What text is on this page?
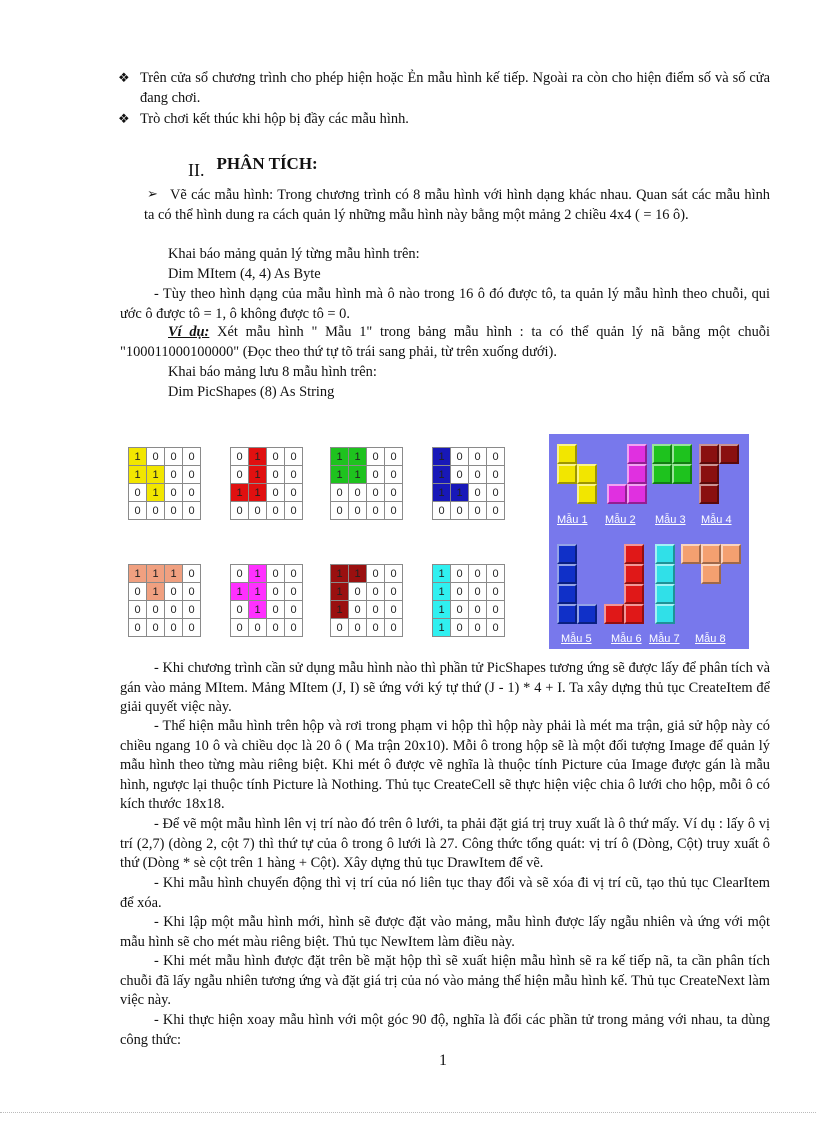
❖ Trên cửa sổ chương trình cho phép hiện hoặc Ẻn mẫu hình kế tiếp. Ngoài ra còn cho hiện điểm số và số cửa đang chơi.
❖ Trò chơi kết thúc khi hộp bị đầy các mẫu hình.
$_{II.}$ PHÂN TÍCH:
➢ Vẽ các mẫu hình: Trong chương trình có 8 mẫu hình với hình dạng khác nhau. Quan sát các mẫu hình ta có thể hình dung ra cách quản lý những mẫu hình này bằng một mảng 2 chiều 4x4 ( = 16 ô).
Khai báo mảng quản lý từng mẫu hình trên:
Dim MItem (4, 4) As Byte
- Tùy theo hình dạng của mẫu hình mà ô nào trong 16 ô đó được tô, ta quản lý mẫu hình theo chuỗi, qui ước ô được tô = 1, ô không được tô = 0.
Ví dụ: Xét mẫu hình " Mẫu 1" trong bảng mẫu hình : ta có thể quản lý nã bằng một chuỗi "100011000100000" (Đọc theo thứ tự tõ trái sang phải, từ trên xuống dưới).
Khai báo mảng lưu 8 mẫu hình trên:
Dim PicShapes (8) As String
1	0	0	0
1	1	0	0
0	1	0	0
0	0	0	0
0	1	0	0
0	1	0	0
1	1	0	0
0	0	0	0
1	1	0	0
1	1	0	0
0	0	0	0
0	0	0	0
1	0	0	0
1	0	0	0
1	1	0	0
0	0	0	0
1	1	1	0
0	1	0	0
0	0	0	0
0	0	0	0
0	1	0	0
1	1	0	0
0	1	0	0
0	0	0	0
1	1	0	0
1	0	0	0
1	0	0	0
0	0	0	0
1	0	0	0
1	0	0	0
1	0	0	0
1	0	0	0
Mẫu 1 Mẫu 2 Mẫu 3 Mẫu 4
Mẫu 5 Mẫu 6 Mẫu 7 Mẫu 8
- Khi chương trình cần sử dụng mẫu hình nào thì phần tử PicShapes tương ứng sẽ được lấy để phân tích và gán vào mảng MItem. Mảng MItem (J, I) sẽ ứng với ký tự thứ (J - 1) * 4 + I. Ta xây dựng thủ tục CreateItem để giải quyết việc này.
- Thể hiện mẫu hình trên hộp và rơi trong phạm vi hộp thì hộp này phải là mét ma trận, giả sử hộp này có chiều ngang 10 ô và chiều dọc là 20 ô ( Ma trận 20x10). Mỗi ô trong hộp sẽ là một đối tượng Image để quản lý mẫu hình theo từng màu riêng biệt. Khi mét ô được vẽ nghĩa là thuộc tính Picture của Image được gán là mẫu hình, ngược lại thuộc tính Picture là Nothing. Thủ tục CreateCell sẽ thực hiện việc chia ô lưới cho hộp, mỗi ô có kích thước 18x18.
- Để vẽ một mẫu hình lên vị trí nào đó trên ô lưới, ta phải đặt giá trị truy xuất là ô thứ mấy. Ví dụ : lấy ô vị trí (2,7) (dòng 2, cột 7) thì thứ tự của ô trong ô lưới là 27. Công thức tổng quát: vị trí ô (Dòng, Cột) truy xuất ô thứ (Dòng * sè cột trên 1 hàng + Cột). Xây dựng thủ tục DrawItem để vẽ.
- Khi mẫu hình chuyển động thì vị trí của nó liên tục thay đổi và sẽ xóa đi vị trí cũ, tạo thủ tục ClearItem để xóa.
- Khi lập một mẫu hình mới, hình sẽ được đặt vào mảng, mẫu hình được lấy ngẫu nhiên và ứng với một mẫu hình sẽ cho mét màu riêng biệt. Thủ tục NewItem làm điều này.
- Khi mét mẫu hình được đặt trên bề mặt hộp thì sẽ xuất hiện mẫu hình sẽ ra kế tiếp nã, ta cần phân tích chuỗi đã lấy ngẫu nhiên tương ứng và đặt giá trị của nó vào mảng thể hiện mẫu hình kế. Thủ tục CreateNext làm việc này.
- Khi thực hiện xoay mẫu hình với một góc 90 độ, nghĩa là đổi các phần tử trong mảng với nhau, ta dùng công thức:
1
